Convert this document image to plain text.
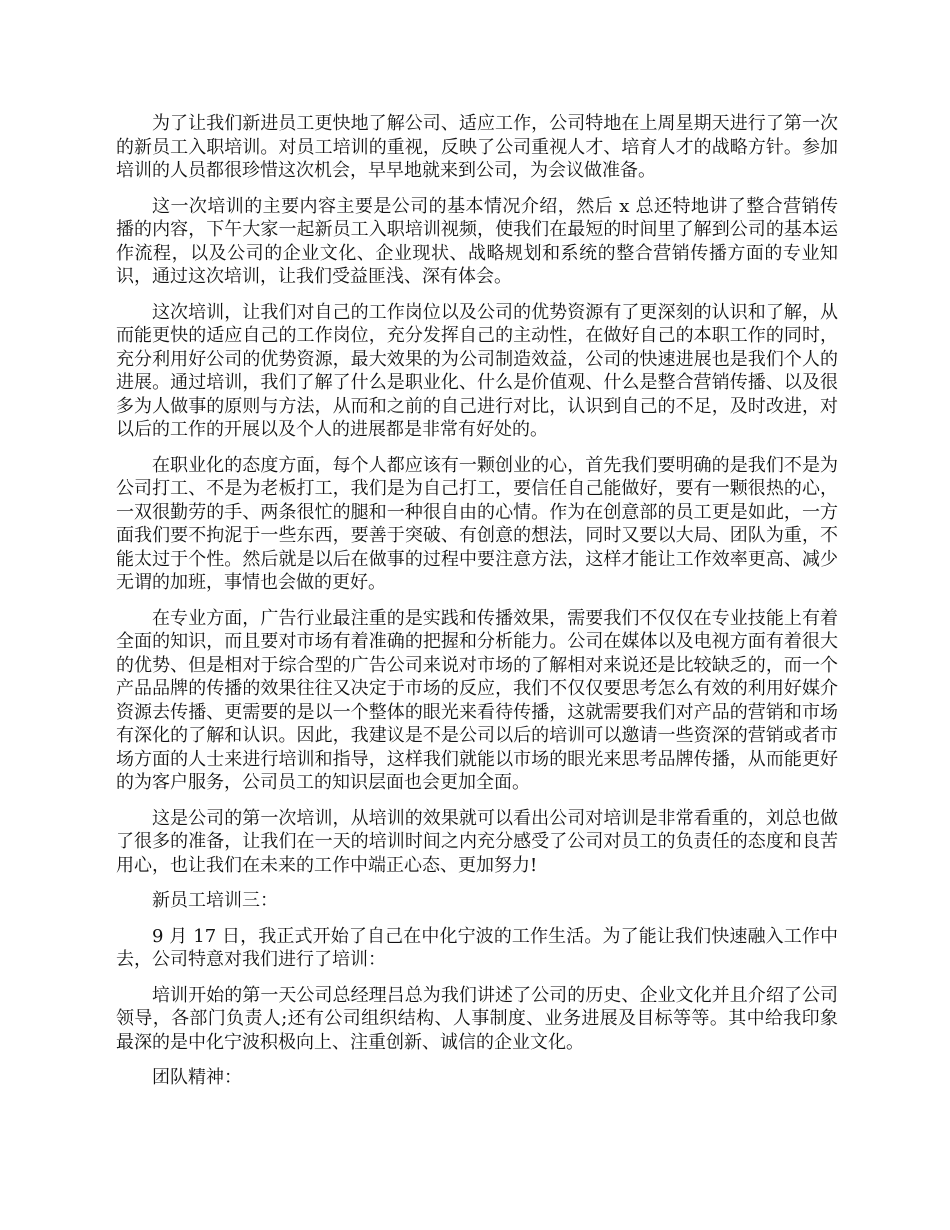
为了让我们新进员工更快地了解公司、适应工作，公司特地在上周星期天进行了第一次的新员工入职培训。对员工培训的重视，反映了公司重视人才、培育人才的战略方针。参加培训的人员都很珍惜这次机会，早早地就来到公司，为会议做准备。

这一次培训的主要内容主要是公司的基本情况介绍，然后 x 总还特地讲了整合营销传播的内容，下午大家一起新员工入职培训视频，使我们在最短的时间里了解到公司的基本运作流程，以及公司的企业文化、企业现状、战略规划和系统的整合营销传播方面的专业知识，通过这次培训，让我们受益匪浅、深有体会。

这次培训，让我们对自己的工作岗位以及公司的优势资源有了更深刻的认识和了解，从而能更快的适应自己的工作岗位，充分发挥自己的主动性，在做好自己的本职工作的同时，充分利用好公司的优势资源，最大效果的为公司制造效益，公司的快速进展也是我们个人的进展。通过培训，我们了解了什么是职业化、什么是价值观、什么是整合营销传播、以及很多为人做事的原则与方法，从而和之前的自己进行对比，认识到自己的不足，及时改进，对以后的工作的开展以及个人的进展都是非常有好处的。

在职业化的态度方面，每个人都应该有一颗创业的心，首先我们要明确的是我们不是为公司打工、不是为老板打工，我们是为自己打工，要信任自己能做好，要有一颗很热的心，一双很勤劳的手、两条很忙的腿和一种很自由的心情。作为在创意部的员工更是如此，一方面我们要不拘泥于一些东西，要善于突破、有创意的想法，同时又要以大局、团队为重，不能太过于个性。然后就是以后在做事的过程中要注意方法，这样才能让工作效率更高、减少无谓的加班，事情也会做的更好。

在专业方面，广告行业最注重的是实践和传播效果，需要我们不仅仅在专业技能上有着全面的知识，而且要对市场有着准确的把握和分析能力。公司在媒体以及电视方面有着很大的优势、但是相对于综合型的广告公司来说对市场的了解相对来说还是比较缺乏的，而一个产品品牌的传播的效果往往又决定于市场的反应，我们不仅仅要思考怎么有效的利用好媒介资源去传播、更需要的是以一个整体的眼光来看待传播，这就需要我们对产品的营销和市场有深化的了解和认识。因此，我建议是不是公司以后的培训可以邀请一些资深的营销或者市场方面的人士来进行培训和指导，这样我们就能以市场的眼光来思考品牌传播，从而能更好的为客户服务，公司员工的知识层面也会更加全面。

这是公司的第一次培训，从培训的效果就可以看出公司对培训是非常看重的，刘总也做了很多的准备，让我们在一天的培训时间之内充分感受了公司对员工的负责任的态度和良苦用心，也让我们在未来的工作中端正心态、更加努力!

新员工培训三：

9 月 17 日，我正式开始了自己在中化宁波的工作生活。为了能让我们快速融入工作中去，公司特意对我们进行了培训：

培训开始的第一天公司总经理吕总为我们讲述了公司的历史、企业文化并且介绍了公司领导，各部门负责人;还有公司组织结构、人事制度、业务进展及目标等等。其中给我印象最深的是中化宁波积极向上、注重创新、诚信的企业文化。

团队精神：
